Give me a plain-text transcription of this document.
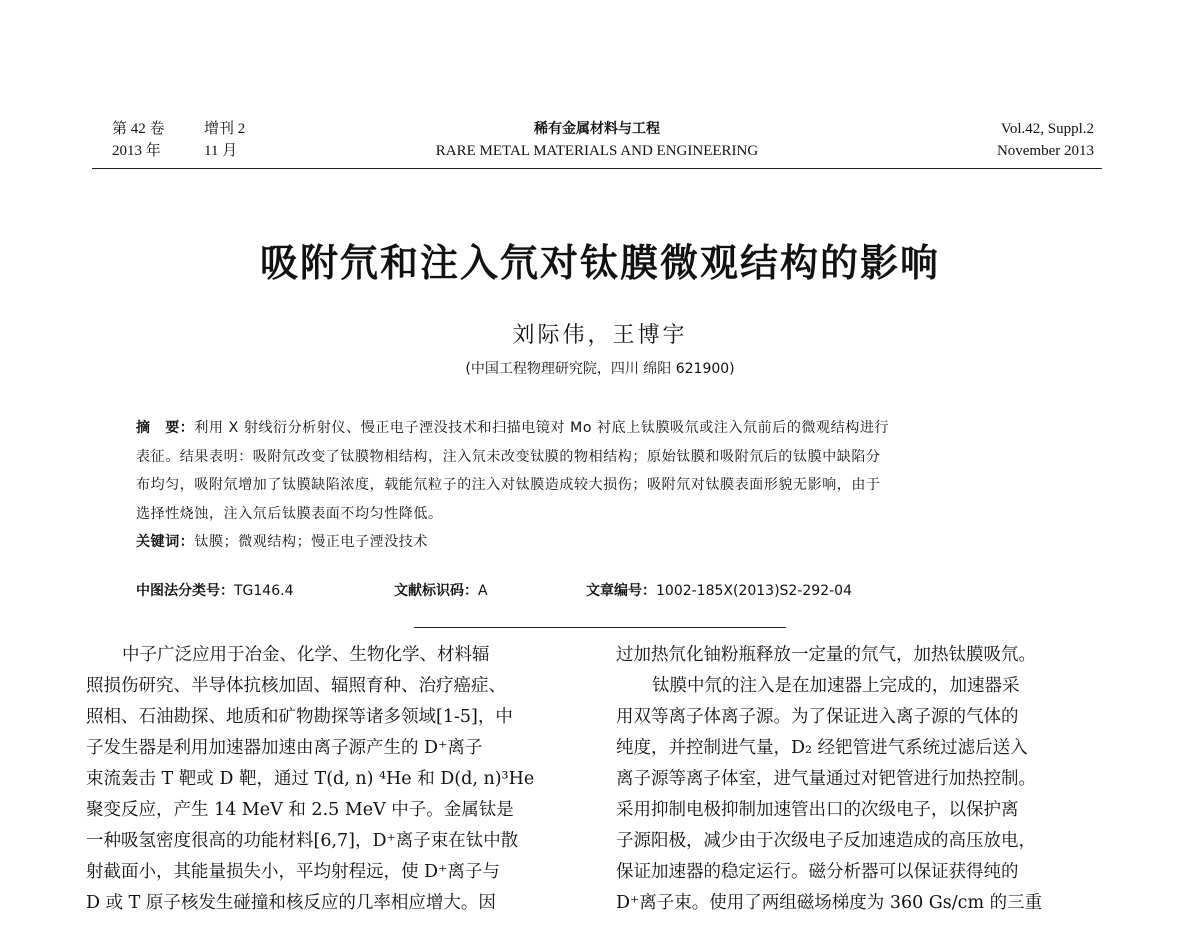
第 42 卷	增刊 2
2013 年	11 月
稀有金属材料与工程
RARE METAL MATERIALS AND ENGINEERING
Vol.42, Suppl.2
November 2013
吸附氘和注入氘对钛膜微观结构的影响
刘际伟，王博宇
(中国工程物理研究院，四川 绵阳 621900)
摘　要：利用 X 射线衍分析射仪、慢正电子湮没技术和扫描电镜对 Mo 衬底上钛膜吸氘或注入氘前后的微观结构进行
表征。结果表明：吸附氘改变了钛膜物相结构，注入氘未改变钛膜的物相结构；原始钛膜和吸附氘后的钛膜中缺陷分
布均匀，吸附氘增加了钛膜缺陷浓度，载能氘粒子的注入对钛膜造成较大损伤；吸附氘对钛膜表面形貌无影响，由于
选择性烧蚀，注入氘后钛膜表面不均匀性降低。
关键词：钛膜；微观结构；慢正电子湮没技术
中图法分类号：TG146.4	文献标识码：A	文章编号：1002-185X(2013)S2-292-04
中子广泛应用于冶金、化学、生物化学、材料辐
照损伤研究、半导体抗核加固、辐照育种、治疗癌症、
照相、石油勘探、地质和矿物勘探等诸多领域[1-5]，中
子发生器是利用加速器加速由离子源产生的 D⁺离子
束流轰击 T 靶或 D 靶，通过 T(d, n) ⁴He 和 D(d, n)³He
聚变反应，产生 14 MeV 和 2.5 MeV 中子。金属钛是
一种吸氢密度很高的功能材料[6,7]，D⁺离子束在钛中散
射截面小，其能量损失小，平均射程远，使 D⁺离子与
D 或 T 原子核发生碰撞和核反应的几率相应增大。因
过加热氘化铀粉瓶释放一定量的氘气，加热钛膜吸氘。
钛膜中氘的注入是在加速器上完成的，加速器采
用双等离子体离子源。为了保证进入离子源的气体的
纯度，并控制进气量，D₂ 经钯管进气系统过滤后送入
离子源等离子体室，进气量通过对钯管进行加热控制。
采用抑制电极抑制加速管出口的次级电子，以保护离
子源阳极，减少由于次级电子反加速造成的高压放电，
保证加速器的稳定运行。磁分析器可以保证获得纯的
D⁺离子束。使用了两组磁场梯度为 360 Gs/cm 的三重
